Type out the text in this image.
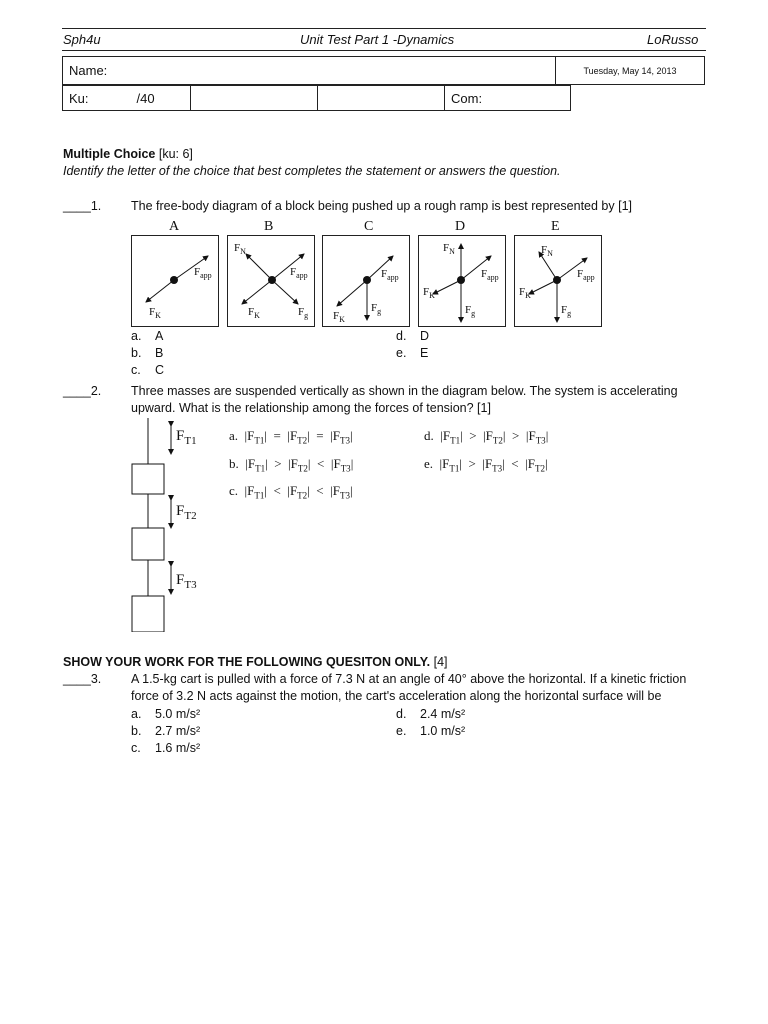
Sph4u	Unit Test Part 1 -Dynamics	LoRusso
Name:	Tuesday, May 14, 2013
Ku:	/40			Com:
Multiple Choice [ku: 6]
Identify the letter of the choice that best completes the statement or answers the question.
____1. The free-body diagram of a block being pushed up a rough ramp is best represented by [1]
A	B	C	D	E
$F_{app}$
$F_K$
$F_N$
$F_{app}$
$F_K$	$F_g$
$F_{app}$
$F_K$
$F_g$
$F_N$
$F_{app}$
$F_K$
$F_g$
$F_N$
$F_{app}$
$F_K$
$F_g$
a. A
b. B
c. C
d. D
e. E
____2. Three masses are suspended vertically as shown in the diagram below. The system is accelerating
upward. What is the relationship among the forces of tension? [1]
$F_{T1}$
$F_{T2}$
$F_{T3}$
a.  $|F_{T1}| = |F_{T2}| = |F_{T3}|$
b.  $|F_{T1}| > |F_{T2}| < |F_{T3}|$
c.  $|F_{T1}| < |F_{T2}| < |F_{T3}|$
d.  $|F_{T1}| > |F_{T2}| > |F_{T3}|$
e.  $|F_{T1}| > |F_{T3}| < |F_{T2}|$
SHOW YOUR WORK FOR THE FOLLOWING QUESITON ONLY. [4]
____3. A 1.5-kg cart is pulled with a force of 7.3 N at an angle of 40° above the horizontal. If a kinetic friction
force of 3.2 N acts against the motion, the cart's acceleration along the horizontal surface will be
a. 5.0 m/s²
b. 2.7 m/s²
c. 1.6 m/s²
d. 2.4 m/s²
e. 1.0 m/s²
